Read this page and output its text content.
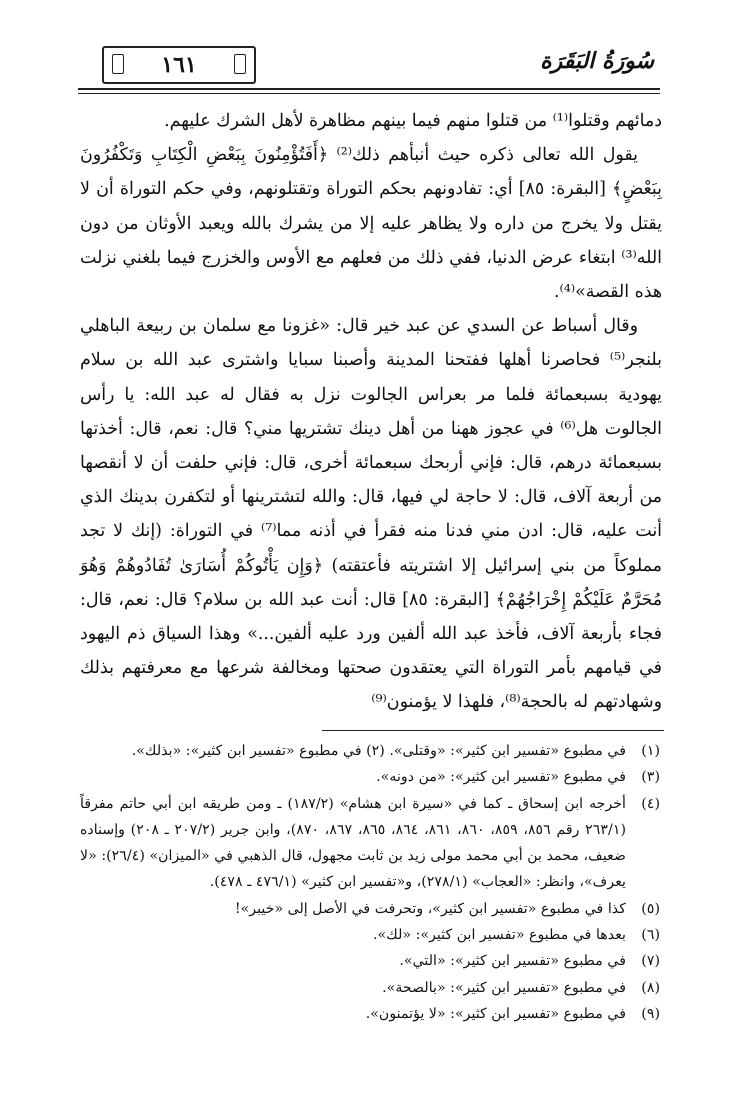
١٦١	سُورَةُ البَقَرَة

دمائهم وقتلوا⁽¹⁾ من قتلوا منهم فيما بينهم مظاهرة لأهل الشرك عليهم.

يقول الله تعالى ذكره حيث أنبأهم ذلك⁽²⁾ ﴿أَفَتُؤْمِنُونَ بِبَعْضِ الْكِتَابِ وَتَكْفُرُونَ بِبَعْضٍ﴾ [البقرة: ٨٥] أي: تفادونهم بحكم التوراة وتقتلونهم، وفي حكم التوراة أن لا يقتل ولا يخرج من داره ولا يظاهر عليه إلا من يشرك بالله ويعبد الأوثان من دون الله⁽³⁾ ابتغاء عرض الدنيا، ففي ذلك من فعلهم مع الأوس والخزرج فيما بلغني نزلت هذه القصة»⁽⁴⁾.

وقال أسباط عن السدي عن عبد خير قال: «غزونا مع سلمان بن ربيعة الباهلي بلنجر⁽⁵⁾ فحاصرنا أهلها ففتحنا المدينة وأصبنا سبايا واشترى عبد الله بن سلام يهودية بسبعمائة فلما مر بعراس الجالوت نزل به فقال له عبد الله: يا رأس الجالوت هل⁽⁶⁾ في عجوز ههنا من أهل دينك تشتريها مني؟ قال: نعم، قال: أخذتها بسبعمائة درهم، قال: فإني أربحك سبعمائة أخرى، قال: فإني حلفت أن لا أنقصها من أربعة آلاف، قال: لا حاجة لي فيها، قال: والله لتشترينها أو لتكفرن بدينك الذي أنت عليه، قال: ادن مني فدنا منه فقرأ في أذنه مما⁽⁷⁾ في التوراة: (إنك لا تجد مملوكاً من بني إسرائيل إلا اشتريته فأعتقته) ﴿وَإِن يَأْتُوكُمْ أُسَارَىٰ تُفَادُوهُمْ وَهُوَ مُحَرَّمٌ عَلَيْكُمْ إِخْرَاجُهُمْ﴾ [البقرة: ٨٥] قال: أنت عبد الله بن سلام؟ قال: نعم، قال: فجاء بأربعة آلاف، فأخذ عبد الله ألفين ورد عليه ألفين...» وهذا السياق ذم اليهود في قيامهم بأمر التوراة التي يعتقدون صحتها ومخالفة شرعها مع معرفتهم بذلك وشهادتهم له بالحجة⁽⁸⁾، فلهذا لا يؤمنون⁽⁹⁾

(١)
في مطبوع «تفسير ابن كثير»: «وقتلى». (٢) في مطبوع «تفسير ابن كثير»: «بذلك».
(٣)
في مطبوع «تفسير ابن كثير»: «من دونه».
(٤)
أخرجه ابن إسحاق ـ كما في «سيرة ابن هشام» (١٨٧/٢) ـ ومن طريقه ابن أبي حاتم مفرقاً (٢٦٣/١ رقم ٨٥٦، ٨٥٩، ٨٦٠، ٨٦١، ٨٦٤، ٨٦٥، ٨٦٧، ٨٧٠)، وابن جرير (٢٠٧/٢ ـ ٢٠٨) وإسناده ضعيف، محمد بن أبي محمد مولى زيد بن ثابت مجهول، قال الذهبي في «الميزان» (٢٦/٤): «لا يعرف»، وانظر: «العجاب» (٢٧٨/١)، و«تفسير ابن كثير» (٤٧٦/١ ـ ٤٧٨).
(٥)
كذا في مطبوع «تفسير ابن كثير»، وتحرفت في الأصل إلى «خيبر»!
(٦)
بعدها في مطبوع «تفسير ابن كثير»: «لك».
(٧)
في مطبوع «تفسير ابن كثير»: «التي».
(٨)
في مطبوع «تفسير ابن كثير»: «بالصحة».
(٩)
في مطبوع «تفسير ابن كثير»: «لا يؤتمنون».
